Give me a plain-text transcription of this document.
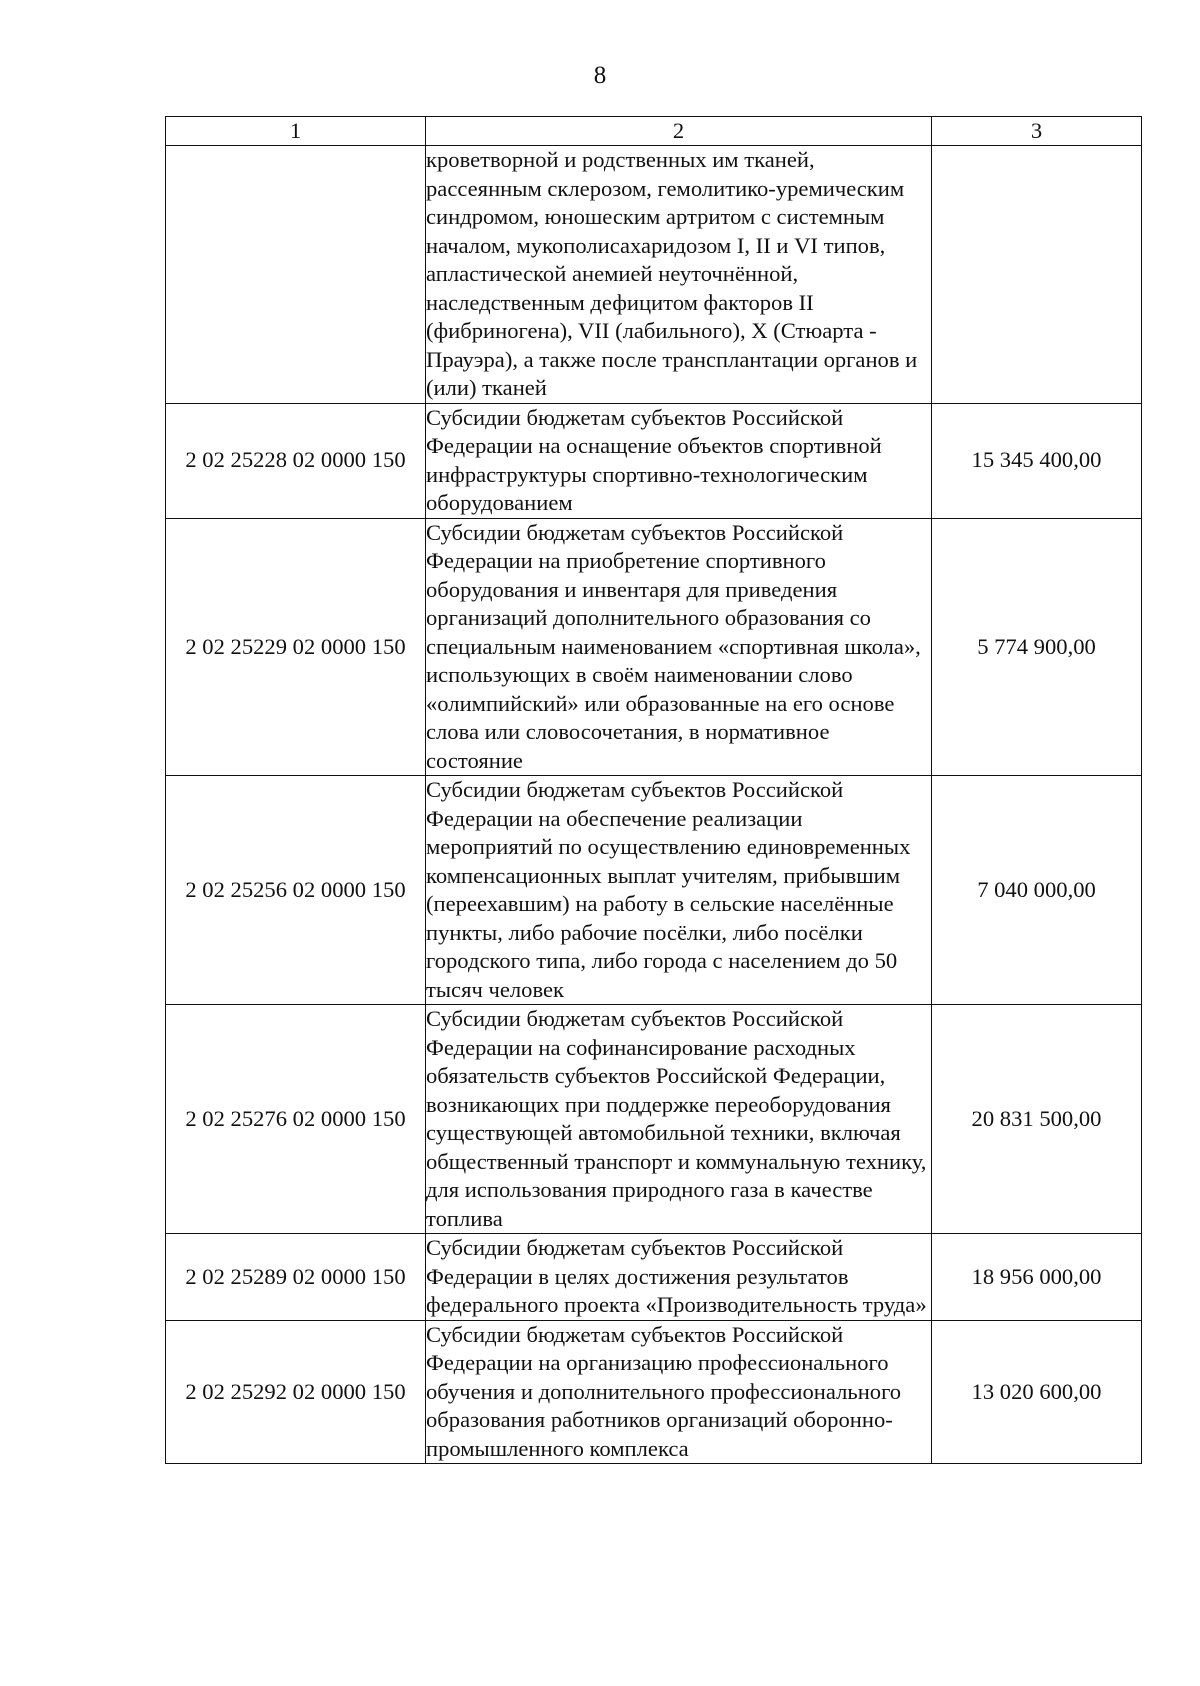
8
1	2	3
	кроветворной и родственных им тканей, рассеянным склерозом, гемолитико-уремическим синдромом, юношеским артритом с системным началом, мукополисахаридозом I, II и VI типов, апластической анемией неуточнённой, наследственным дефицитом факторов II (фибриногена), VII (лабильного), X (Стюарта - Прауэра), а также после трансплантации органов и (или) тканей	
2 02 25228 02 0000 150	Субсидии бюджетам субъектов Российской Федерации на оснащение объектов спортивной инфраструктуры спортивно-технологическим оборудованием	15 345 400,00
2 02 25229 02 0000 150	Субсидии бюджетам субъектов Российской Федерации на приобретение спортивного оборудования и инвентаря для приведения организаций дополнительного образования со специальным наименованием «спортивная школа», использующих в своём наименовании слово «олимпийский» или образованные на его основе слова или словосочетания, в нормативное состояние	5 774 900,00
2 02 25256 02 0000 150	Субсидии бюджетам субъектов Российской Федерации на обеспечение реализации мероприятий по осуществлению единовременных компенсационных выплат учителям, прибывшим (переехавшим) на работу в сельские населённые пункты, либо рабочие посёлки, либо посёлки городского типа, либо города с населением до 50 тысяч человек	7 040 000,00
2 02 25276 02 0000 150	Субсидии бюджетам субъектов Российской Федерации на софинансирование расходных обязательств субъектов Российской Федерации, возникающих при поддержке переоборудования существующей автомобильной техники, включая общественный транспорт и коммунальную технику, для использования природного газа в качестве топлива	20 831 500,00
2 02 25289 02 0000 150	Субсидии бюджетам субъектов Российской Федерации в целях достижения результатов федерального проекта «Производительность труда»	18 956 000,00
2 02 25292 02 0000 150	Субсидии бюджетам субъектов Российской Федерации на организацию профессионального обучения и дополнительного профессионального образования работников организаций оборонно-промышленного комплекса	13 020 600,00
